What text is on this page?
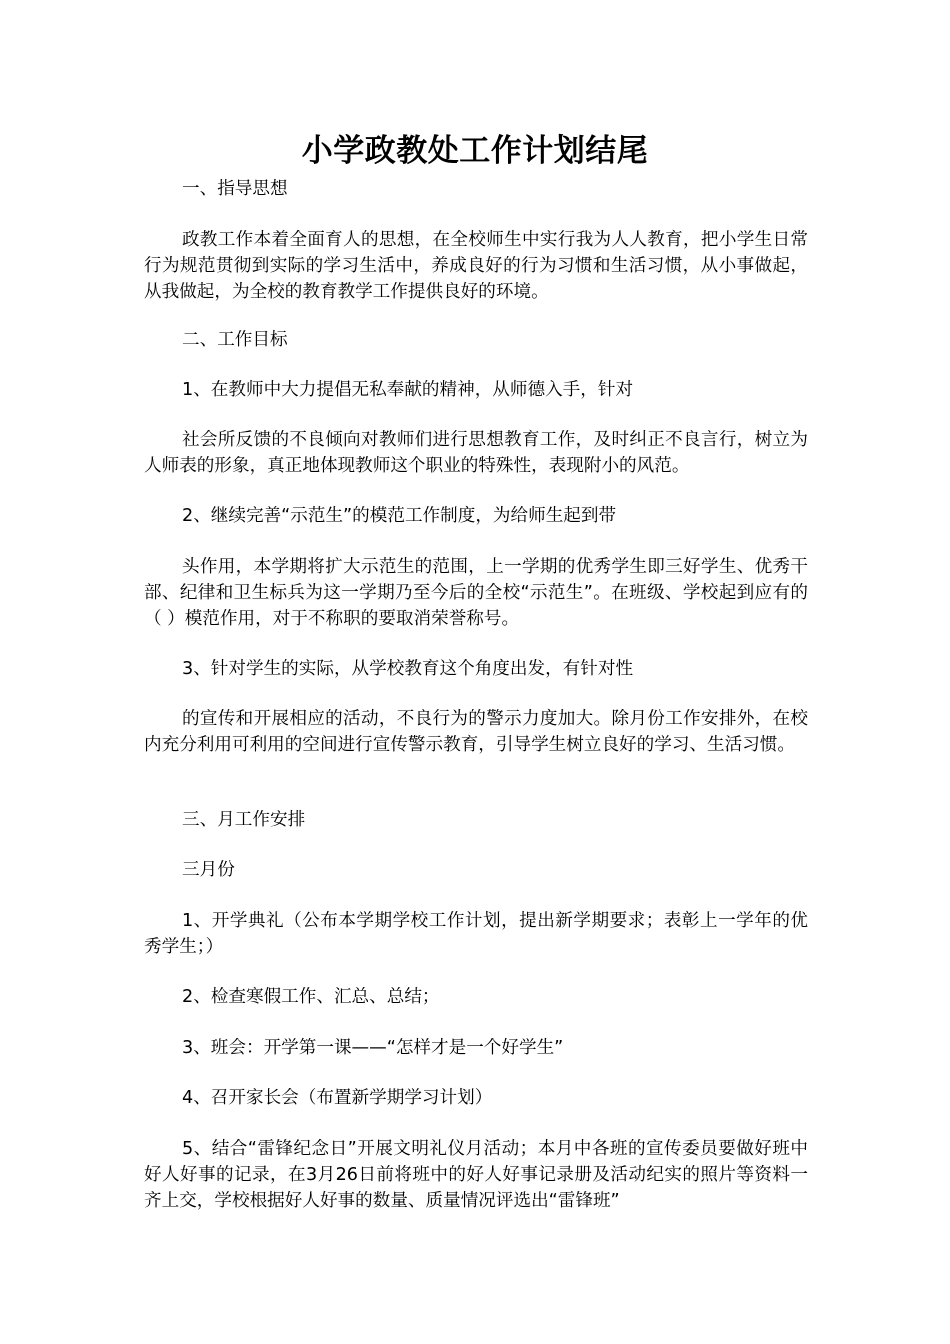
小学政教处工作计划结尾

一、指导思想

政教工作本着全面育人的思想，在全校师生中实行我为人人教育，把小学生日常行为规范贯彻到实际的学习生活中，养成良好的行为习惯和生活习惯，从小事做起，从我做起，为全校的教育教学工作提供良好的环境。

二、工作目标

1、在教师中大力提倡无私奉献的精神，从师德入手，针对

社会所反馈的不良倾向对教师们进行思想教育工作，及时纠正不良言行，树立为人师表的形象，真正地体现教师这个职业的特殊性，表现附小的风范。

2、继续完善“示范生”的模范工作制度，为给师生起到带

头作用，本学期将扩大示范生的范围，上一学期的优秀学生即三好学生、优秀干部、纪律和卫生标兵为这一学期乃至今后的全校“示范生”。在班级、学校起到应有的（ ）模范作用，对于不称职的要取消荣誉称号。

3、针对学生的实际，从学校教育这个角度出发，有针对性

的宣传和开展相应的活动，不良行为的警示力度加大。除月份工作安排外，在校内充分利用可利用的空间进行宣传警示教育，引导学生树立良好的学习、生活习惯。

三、月工作安排

三月份

1、开学典礼（公布本学期学校工作计划，提出新学期要求；表彰上一学年的优秀学生；）

2、检查寒假工作、汇总、总结；

3、班会：开学第一课——“怎样才是一个好学生”

4、召开家长会（布置新学期学习计划）

5、结合“雷锋纪念日”开展文明礼仪月活动；本月中各班的宣传委员要做好班中好人好事的记录，在3月26日前将班中的好人好事记录册及活动纪实的照片等资料一齐上交，学校根据好人好事的数量、质量情况评选出“雷锋班”
